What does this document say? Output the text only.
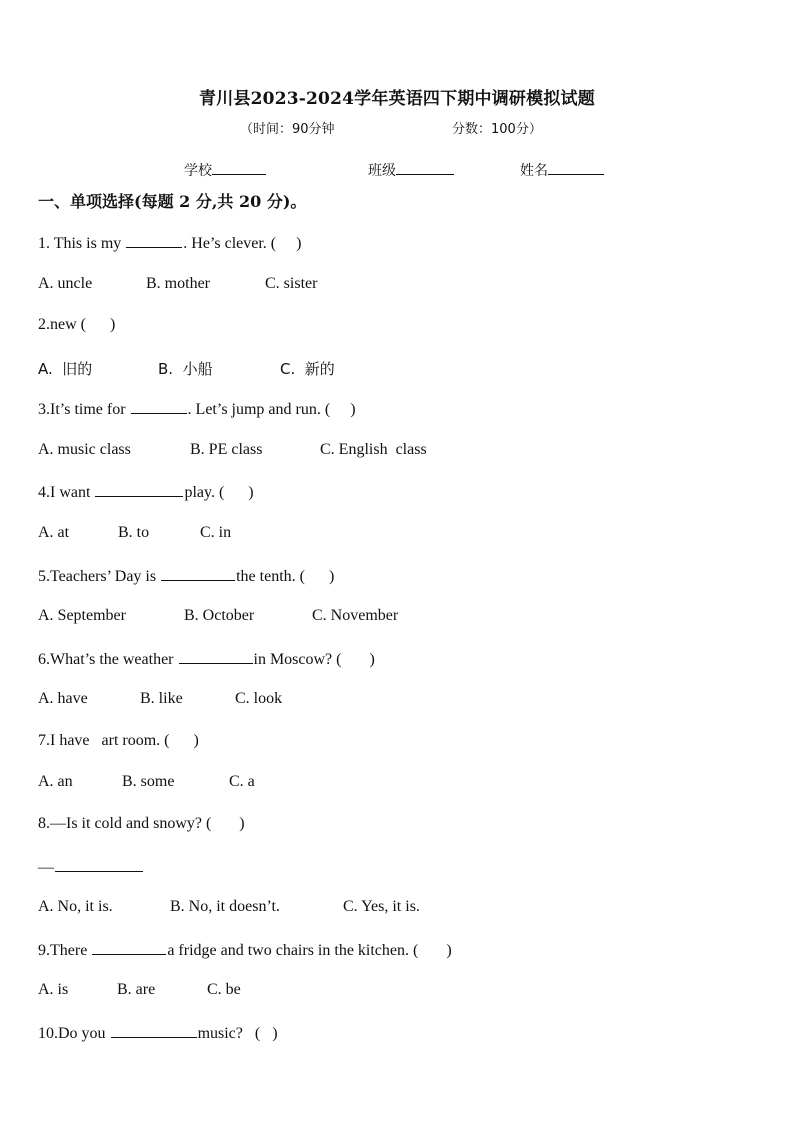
青川县2023-2024学年英语四下期中调研模拟试题
（时间：90分钟	分数：100分）
学校	班级	姓名
一、单项选择(每题 2 分,共 20 分)。
1. This is my	. He’s clever. (     )
A. uncle	B. mother	C. sister
2.new (      )
A.  旧的	B.  小船	C.  新的
3.It’s time for	. Let’s jump and run. (     )
A. music class	B. PE class	C. English  class
4.I want	play. (      )
A. at	B. to	C. in
5.Teachers’ Day is	the tenth. (      )
A. September	B. October	C. November
6.What’s the weather	in Moscow? (       )
A. have	B. like	C. look
7.I have   art room. (      )
A. an	B. some	C. a
8.—Is it cold and snowy? (       )
—
A. No, it is.	B. No, it doesn’t.	C. Yes, it is.
9.There	a fridge and two chairs in the kitchen. (       )
A. is	B. are	C. be
10.Do you	music?   (   )
